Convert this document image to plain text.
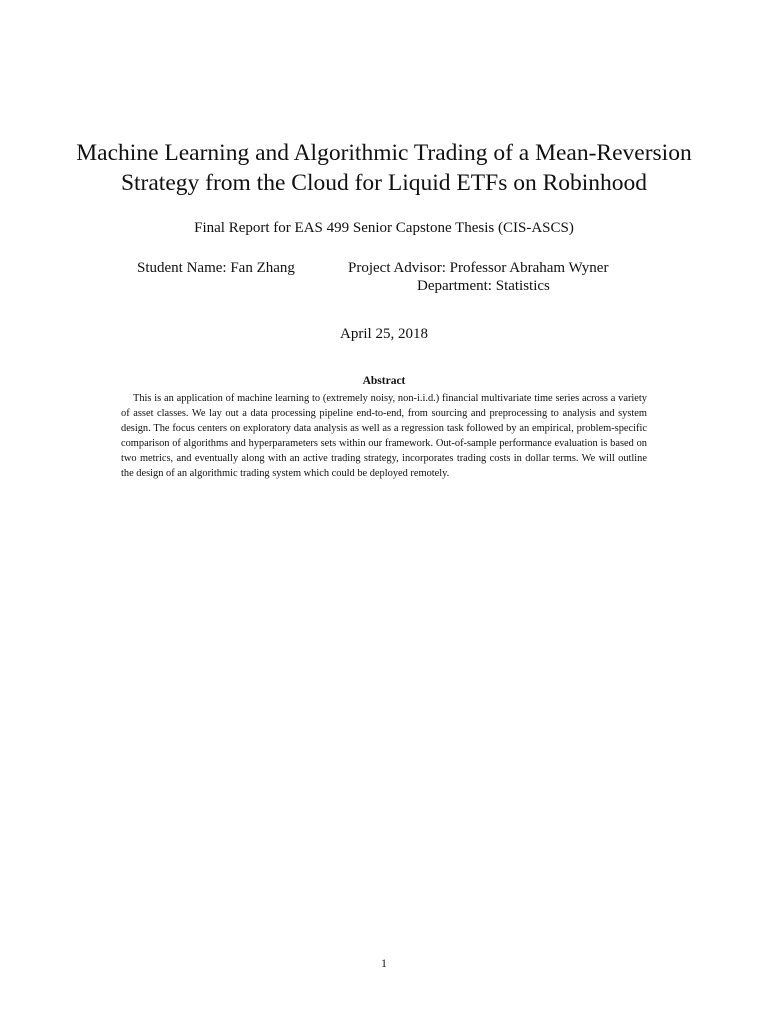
Machine Learning and Algorithmic Trading of a Mean-Reversion
Strategy from the Cloud for Liquid ETFs on Robinhood
Final Report for EAS 499 Senior Capstone Thesis (CIS-ASCS)
Student Name: Fan Zhang	Project Advisor: Professor Abraham Wyner
Department: Statistics
April 25, 2018
Abstract

This is an application of machine learning to (extremely noisy, non-i.i.d.) financial multivariate time series across a variety of asset classes. We lay out a data processing pipeline end-to-end, from sourcing and preprocessing to analysis and system design. The focus centers on exploratory data analysis as well as a regression task followed by an empirical, problem-specific comparison of algorithms and hyperparameters sets within our framework. Out-of-sample performance evaluation is based on two metrics, and eventually along with an active trading strategy, incorporates trading costs in dollar terms. We will outline the design of an algorithmic trading system which could be deployed remotely.

1
